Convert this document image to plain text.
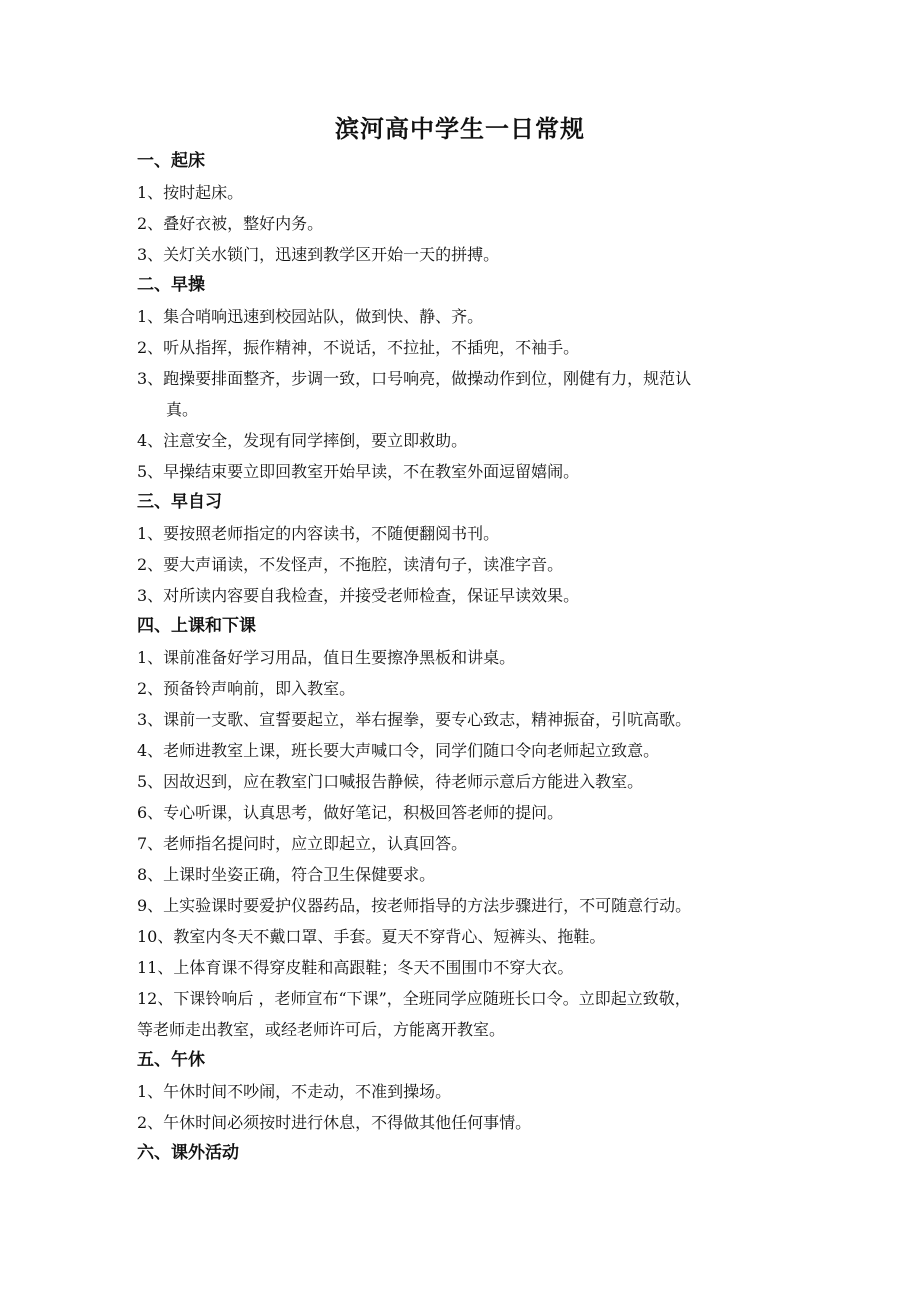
滨河高中学生一日常规
一、起床
1、按时起床。
2、叠好衣被，整好内务。
3、关灯关水锁门，迅速到教学区开始一天的拼搏。
二、早操
1、集合哨响迅速到校园站队，做到快、静、齐。
2、听从指挥，振作精神，不说话，不拉扯，不插兜，不袖手。
3、跑操要排面整齐，步调一致，口号响亮，做操动作到位，刚健有力，规范认
真。
4、注意安全，发现有同学摔倒，要立即救助。
5、早操结束要立即回教室开始早读，不在教室外面逗留嬉闹。
三、早自习
1、要按照老师指定的内容读书，不随便翻阅书刊。
2、要大声诵读，不发怪声，不拖腔，读清句子，读准字音。
3、对所读内容要自我检查，并接受老师检查，保证早读效果。
四、上课和下课
1、课前准备好学习用品，值日生要擦净黑板和讲桌。
2、预备铃声响前，即入教室。
3、课前一支歌、宣誓要起立，举右握拳，要专心致志，精神振奋，引吭高歌。
4、老师进教室上课，班长要大声喊口令，同学们随口令向老师起立致意。
5、因故迟到，应在教室门口喊报告静候，待老师示意后方能进入教室。
6、专心听课，认真思考，做好笔记，积极回答老师的提问。
7、老师指名提问时，应立即起立，认真回答。
8、上课时坐姿正确，符合卫生保健要求。
9、上实验课时要爱护仪器药品，按老师指导的方法步骤进行，不可随意行动。
10、教室内冬天不戴口罩、手套。夏天不穿背心、短裤头、拖鞋。
11、上体育课不得穿皮鞋和高跟鞋；冬天不围围巾不穿大衣。
12、下课铃响后 ，老师宣布“下课”，全班同学应随班长口令。立即起立致敬，
等老师走出教室，或经老师许可后，方能离开教室。
五、午休
1、午休时间不吵闹，不走动，不准到操场。
2、午休时间必须按时进行休息，不得做其他任何事情。
六、课外活动
